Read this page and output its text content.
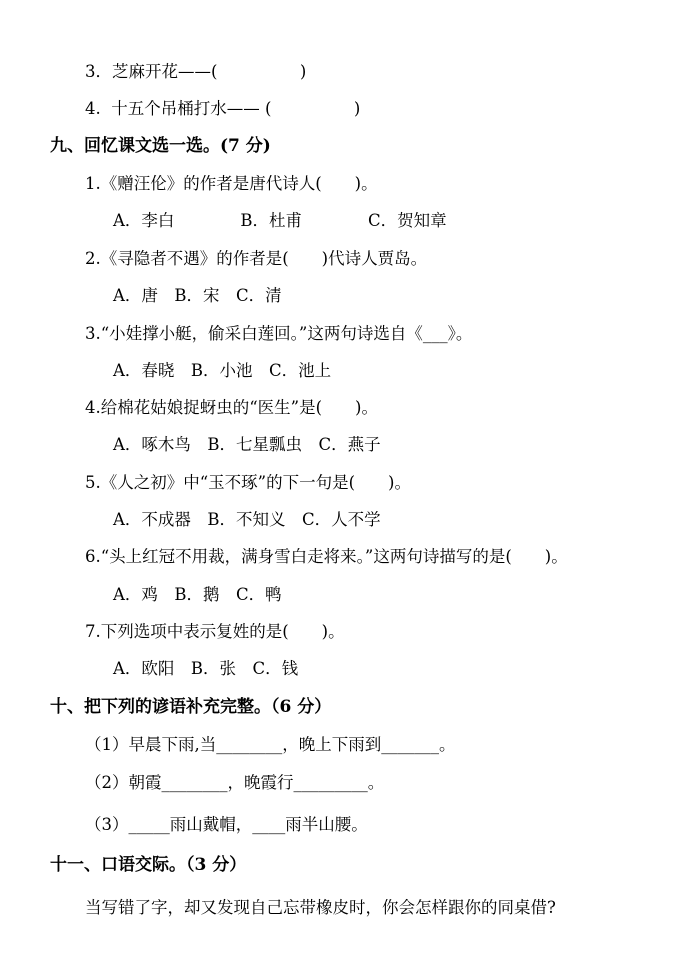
3．芝麻开花——(　　　　　)
4.  十五个吊桶打水—— (　　　　　)
九、回忆课文选一选。(7 分)
1.《赠汪伦》的作者是唐代诗人(　　)。
A．李白　　　　B．杜甫　　　　C．贺知章
2.《寻隐者不遇》的作者是(　　)代诗人贾岛。
A．唐　B．宋　C．清
3.“小娃撑小艇，偷采白莲回。”这两句诗选自《___》。
A．春晓　B．小池　C．池上
4.给棉花姑娘捉蚜虫的“医生”是(　　)。
A．啄木鸟　B．七星瓢虫　C．燕子
5.《人之初》中“玉不琢”的下一句是(　　)。
A．不成器　B．不知义　C．人不学
6.“头上红冠不用裁，满身雪白走将来。”这两句诗描写的是(　　)。
A．鸡　B．鹅　C．鸭
7.下列选项中表示复姓的是(　　)。
A．欧阳　B．张　C．钱
十、把下列的谚语补充完整。（6 分）
（1）早晨下雨,当________，晚上下雨到_______。
（2）朝霞________，晚霞行_________。
（3）_____雨山戴帽，____雨半山腰。
十一、口语交际。（3 分）
当写错了字，却又发现自己忘带橡皮时，你会怎样跟你的同桌借?
